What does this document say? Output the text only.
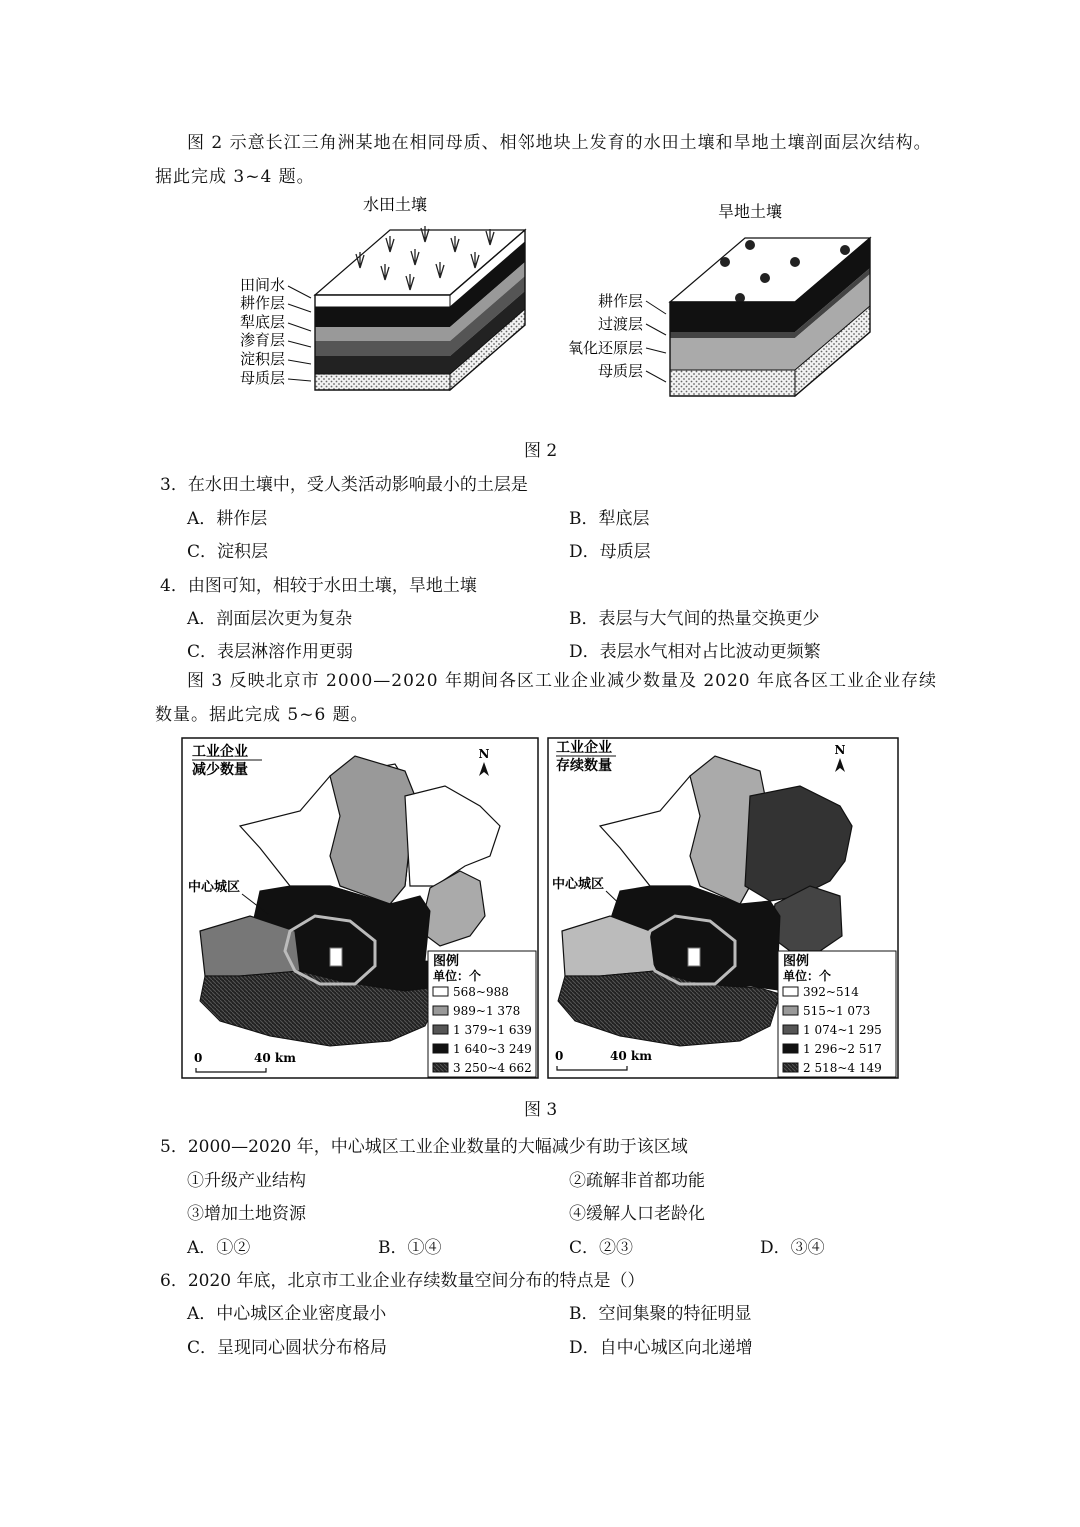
图 2 示意长江三角洲某地在相同母质、相邻地块上发育的水田土壤和旱地土壤剖面层次结构。据此完成 3~4 题。
水田土壤
田间水
耕作层
犁底层
渗育层
淀积层
母质层
旱地土壤
耕作层
过渡层
氧化还原层
母质层
图 2
3．在水田土壤中，受人类活动影响最小的土层是
A．耕作层	B．犁底层
C．淀积层	D．母质层
4．由图可知，相较于水田土壤，旱地土壤
A．剖面层次更为复杂	B．表层与大气间的热量交换更少
C．表层淋溶作用更弱	D．表层水气相对占比波动更频繁
图 3 反映北京市 2000—2020 年期间各区工业企业减少数量及 2020 年底各区工业企业存续数量。据此完成 5~6 题。
工业企业
减少数量
N
中心城区
图例
单位：个
568~988
989~1 378
1 379~1 639
1 640~3 249
3 250~4 662
0	40 km
工业企业
存续数量
N
中心城区
图例
单位：个
392~514
515~1 073
1 074~1 295
1 296~2 517
2 518~4 149
0	40 km
图 3
5．2000—2020 年，中心城区工业企业数量的大幅减少有助于该区域
①升级产业结构	②疏解非首都功能
③增加土地资源	④缓解人口老龄化
A．①②	B．①④	C．②③	D．③④
6．2020 年底，北京市工业企业存续数量空间分布的特点是（）
A．中心城区企业密度最小	B．空间集聚的特征明显
C．呈现同心圆状分布格局	D．自中心城区向北递增
